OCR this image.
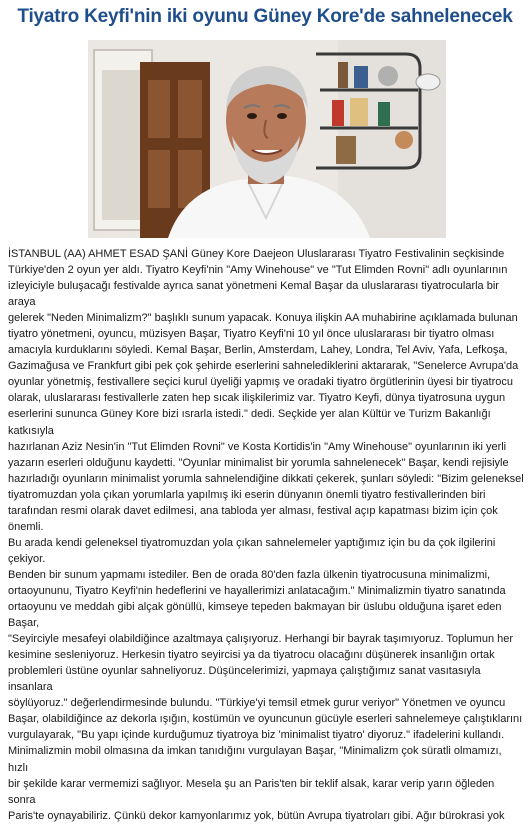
Tiyatro Keyfi'nin iki oyunu Güney Kore'de sahnelenecek

İSTANBUL (AA) AHMET ESAD ŞANİ Güney Kore Daejeon Uluslararası Tiyatro Festivalinin seçkisinde
Türkiye'den 2 oyun yer aldı. Tiyatro Keyfi'nin "Amy Winehouse" ve "Tut Elimden Rovni" adlı oyunlarının
izleyiciyle buluşacağı festivalde ayrıca sanat yönetmeni Kemal Başar da uluslararası tiyatrocularla bir araya
gelerek "Neden Minimalizm?" başlıklı sunum yapacak. Konuya ilişkin AA muhabirine açıklamada bulunan
tiyatro yönetmeni, oyuncu, müzisyen Başar, Tiyatro Keyfi'ni 10 yıl önce uluslararası bir tiyatro olması
amacıyla kurduklarını söyledi. Kemal Başar, Berlin, Amsterdam, Lahey, Londra, Tel Aviv, Yafa, Lefkoşa,
Gazimağusa ve Frankfurt gibi pek çok şehirde eserlerini sahnelediklerini aktararak, "Senelerce Avrupa'da
oyunlar yönetmiş, festivallere seçici kurul üyeliği yapmış ve oradaki tiyatro örgütlerinin üyesi bir tiyatrocu
olarak, uluslararası festivallerle zaten hep sıcak ilişkilerimiz var. Tiyatro Keyfi, dünya tiyatrosuna uygun
eserlerini sununca Güney Kore bizi ısrarla istedi." dedi. Seçkide yer alan Kültür ve Turizm Bakanlığı katkısıyla
hazırlanan Aziz Nesin'in "Tut Elimden Rovni" ve Kosta Kortidis'in "Amy Winehouse" oyunlarının iki yerli
yazarın eserleri olduğunu kaydetti. "Oyunlar minimalist bir yorumla sahnelenecek" Başar, kendi rejisiyle
hazırladığı oyunların minimalist yorumla sahnelendiğine dikkati çekerek, şunları söyledi: "Bizim geleneksel
tiyatromuzdan yola çıkan yorumlarla yapılmış iki eserin dünyanın önemli tiyatro festivallerinden biri
tarafından resmi olarak davet edilmesi, ana tabloda yer alması, festival açıp kapatması bizim için çok önemli.
Bu arada kendi geleneksel tiyatromuzdan yola çıkan sahnelemeler yaptığımız için bu da çok ilgilerini çekiyor.
Benden bir sunum yapmamı istediler. Ben de orada 80'den fazla ülkenin tiyatrocusuna minimalizmi,
ortaoyununu, Tiyatro Keyfi'nin hedeflerini ve hayallerimizi anlatacağım." Minimalizmin tiyatro sanatında
ortaoyunu ve meddah gibi alçak gönüllü, kimseye tepeden bakmayan bir üslubu olduğuna işaret eden Başar,
"Seyirciyle mesafeyi olabildiğince azaltmaya çalışıyoruz. Herhangi bir bayrak taşımıyoruz. Toplumun her
kesimine sesleniyoruz. Herkesin tiyatro seyircisi ya da tiyatrocu olacağını düşünerek insanlığın ortak
problemleri üstüne oyunlar sahneliyoruz. Düşüncelerimizi, yapmaya çalıştığımız sanat vasıtasıyla insanlara
söylüyoruz." değerlendirmesinde bulundu. "Türkiye'yi temsil etmek gurur veriyor" Yönetmen ve oyuncu
Başar, olabildiğince az dekorla ışığın, kostümün ve oyuncunun gücüyle eserleri sahnelemeye çalıştıklarını
vurgulayarak, "Bu yapı içinde kurduğumuz tiyatroya biz 'minimalist tiyatro' diyoruz." ifadelerini kullandı.
Minimalizmin mobil olmasına da imkan tanıdığını vurgulayan Başar, "Minimalizm çok süratli olmamızı, hızlı
bir şekilde karar vermemizi sağlıyor. Mesela şu an Paris'ten bir teklif alsak, karar verip yarın öğleden sonra
Paris'te oynayabiliriz. Çünkü dekor kamyonlarımız yok, bütün Avrupa tiyatroları gibi. Ağır bürokrasi yok
